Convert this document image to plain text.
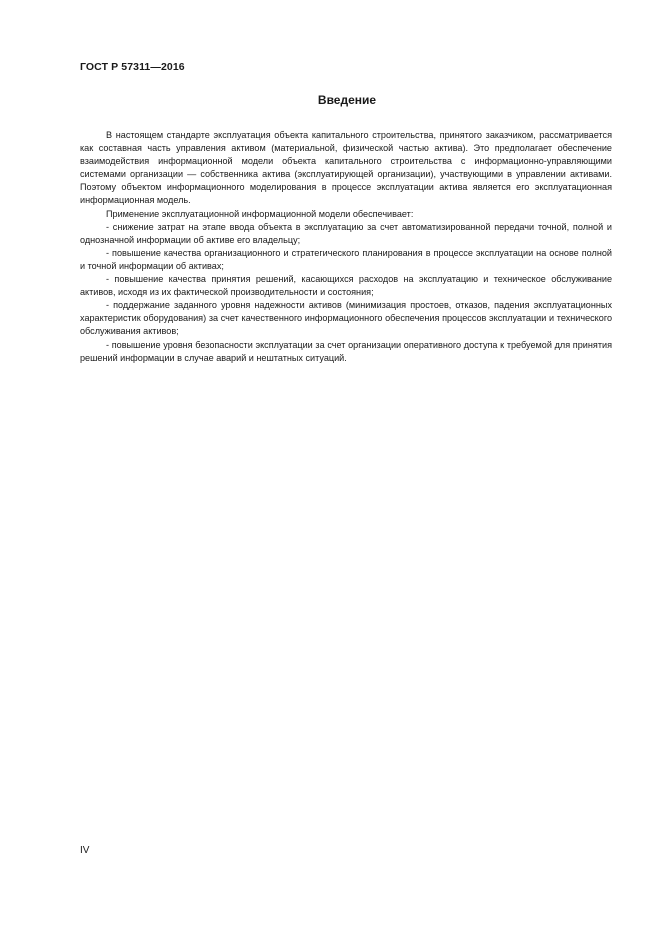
ГОСТ Р 57311—2016
Введение

В настоящем стандарте эксплуатация объекта капитального строительства, принятого заказчиком, рассматривается как составная часть управления активом (материальной, физической частью актива). Это предполагает обеспечение взаимодействия информационной модели объекта капитального строительства с информационно-управляющими системами организации — собственника актива (эксплуатирующей организации), участвующими в управлении активами. Поэтому объектом информационного моделирования в процессе эксплуатации актива является его эксплуатационная информационная модель.

Применение эксплуатационной информационной модели обеспечивает:

- снижение затрат на этапе ввода объекта в эксплуатацию за счет автоматизированной передачи точной, полной и однозначной информации об активе его владельцу;

- повышение качества организационного и стратегического планирования в процессе эксплуатации на основе полной и точной информации об активах;

- повышение качества принятия решений, касающихся расходов на эксплуатацию и техническое обслуживание активов, исходя из их фактической производительности и состояния;

- поддержание заданного уровня надежности активов (минимизация простоев, отказов, падения эксплуатационных характеристик оборудования) за счет качественного информационного обеспечения процессов эксплуатации и технического обслуживания активов;

- повышение уровня безопасности эксплуатации за счет организации оперативного доступа к требуемой для принятия решений информации в случае аварий и нештатных ситуаций.

IV
